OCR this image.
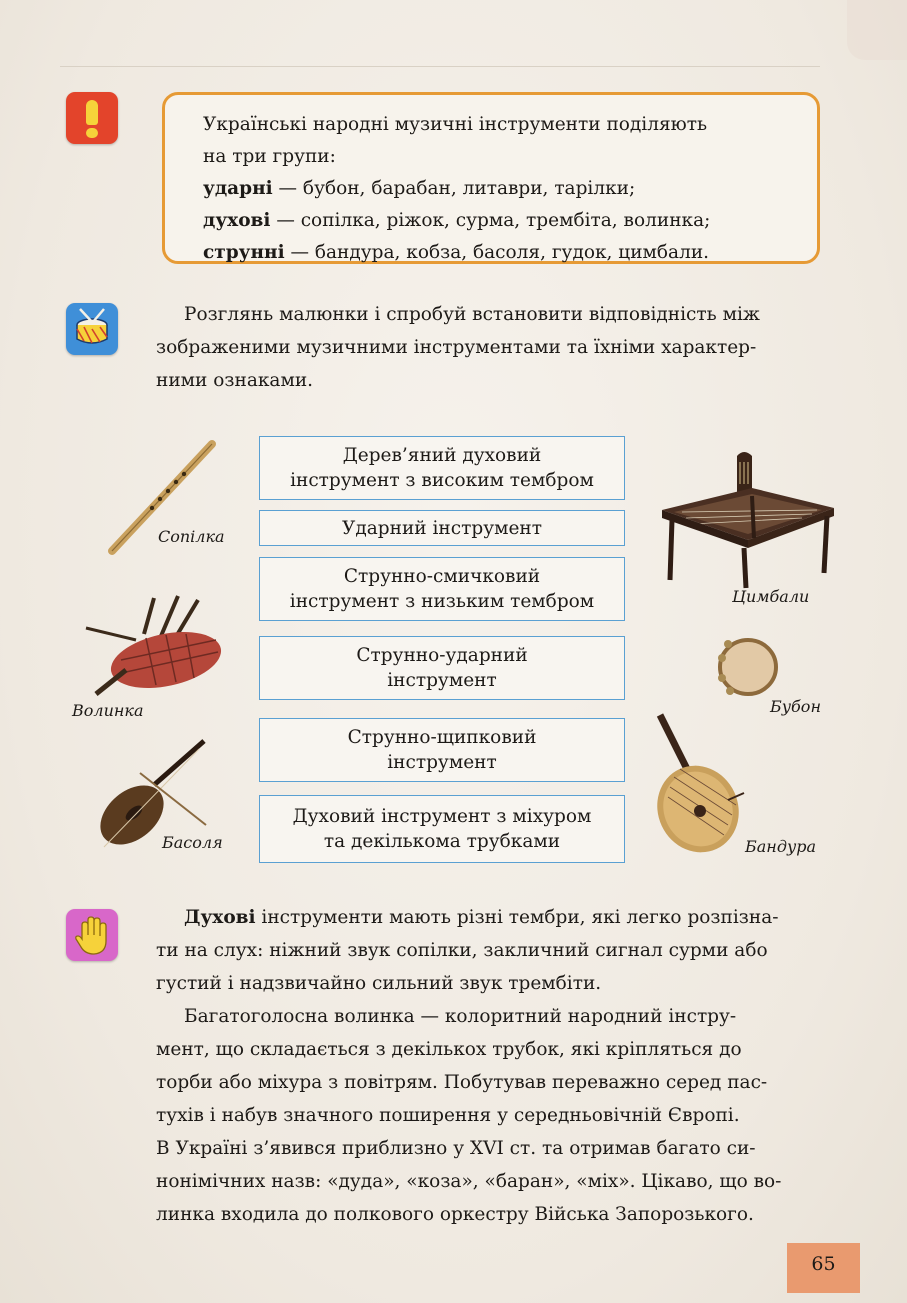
Українські народні музичні інструменти поділяють
на три групи:
ударні — бубон, барабан, литаври, тарілки;
духові — сопілка, ріжок, сурма, трембіта, волинка;
струнні — бандура, кобза, басоля, гудок, цимбали.
Розглянь малюнки і спробуй встановити відповідність між
зображеними музичними інструментами та їхніми характер-
ними ознаками.
Дерев’яний духовий
інструмент з високим тембром
Ударний інструмент
Струнно-смичковий
інструмент з низьким тембром
Струнно-ударний
інструмент
Струнно-щипковий
інструмент
Духовий інструмент з міхуром
та декількома трубками
Сопілка
Волинка
Басоля
Цимбали
Бубон
Бандура
Духові інструменти мають різні тембри, які легко розпізна-
ти на слух: ніжний звук сопілки, закличний сигнал сурми або
густий і надзвичайно сильний звук трембіти.
Багатоголосна волинка — колоритний народний інстру-
мент, що складається з декількох трубок, які кріпляться до
торби або міхура з повітрям. Побутував переважно серед пас-
тухів і набув значного поширення у середньовічній Європі.
В Україні з’явився приблизно у XVI ст. та отримав багато си-
нонімічних назв: «дуда», «коза», «баран», «міх». Цікаво, що во-
линка входила до полкового оркестру Війська Запорозького.
65
